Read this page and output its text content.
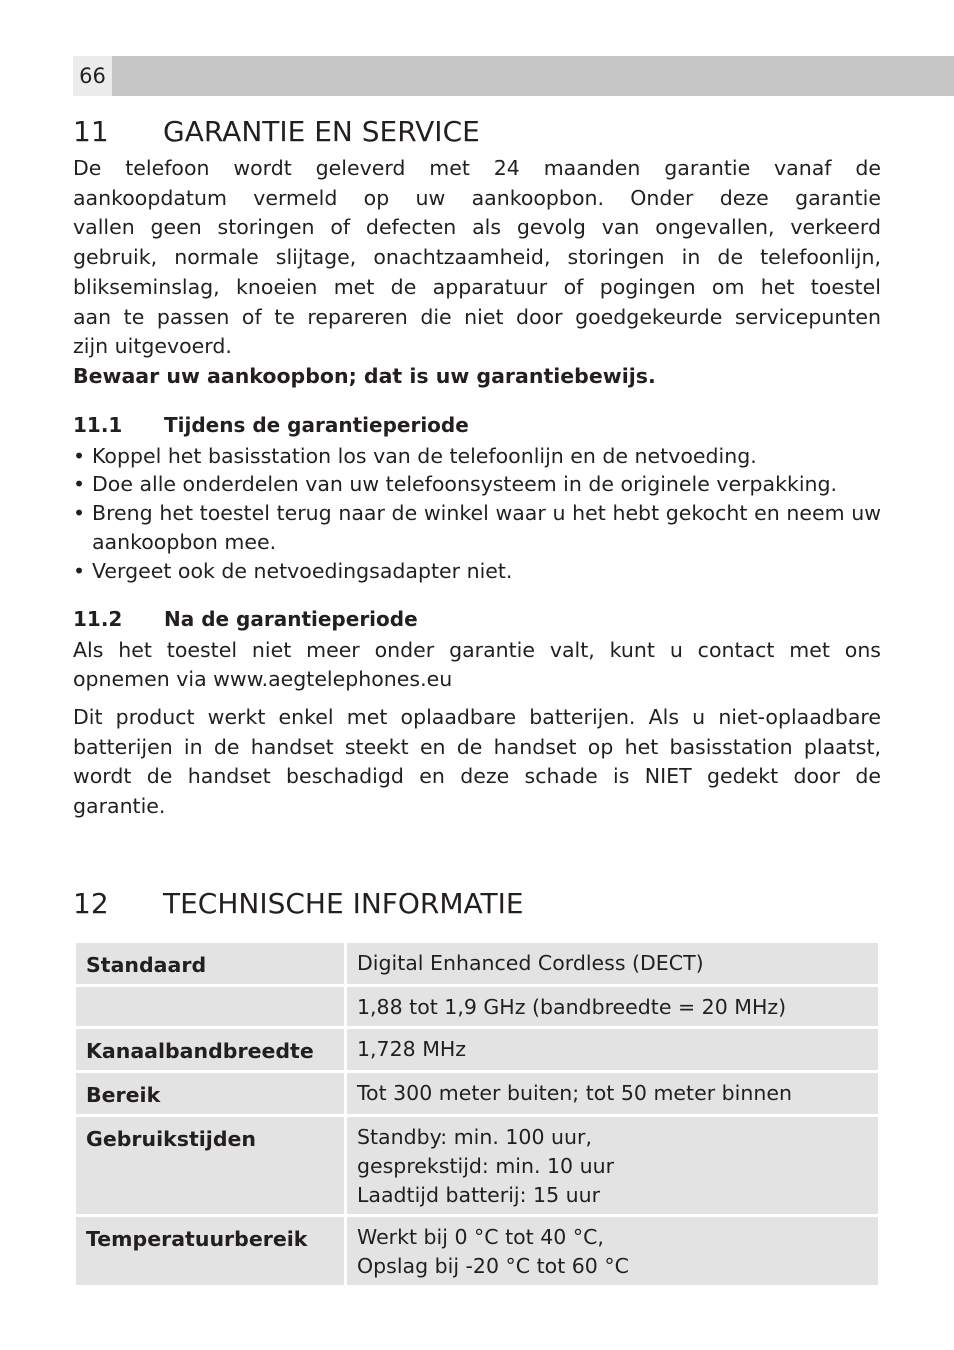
66
11	GARANTIE EN SERVICE
De telefoon wordt geleverd met 24 maanden garantie vanaf de
aankoopdatum vermeld op uw aankoopbon. Onder deze garantie
vallen geen storingen of defecten als gevolg van ongevallen, verkeerd
gebruik, normale slijtage, onachtzaamheid, storingen in de telefoonlijn,
blikseminslag, knoeien met de apparatuur of pogingen om het toestel
aan te passen of te repareren die niet door goedgekeurde servicepunten
zijn uitgevoerd.

Bewaar uw aankoopbon; dat is uw garantiebewijs.

11.1	Tijdens de garantieperiode
• Koppel het basisstation los van de telefoonlijn en de netvoeding.
• Doe alle onderdelen van uw telefoonsysteem in de originele verpakking.
• Breng het toestel terug naar de winkel waar u het hebt gekocht en neem uw aankoopbon mee.
• Vergeet ook de netvoedingsadapter niet.
11.2	Na de garantieperiode

Als het toestel niet meer onder garantie valt, kunt u contact met ons opnemen via www.aegtelephones.eu

Dit product werkt enkel met oplaadbare batterijen. Als u niet-oplaadbare batterijen in de handset steekt en de handset op het basisstation plaatst, wordt de handset beschadigd en deze schade is NIET gedekt door de garantie.

12	TECHNISCHE INFORMATIE
Standaard	Digital Enhanced Cordless (DECT)
	1,88 tot 1,9 GHz (bandbreedte = 20 MHz)
Kanaalbandbreedte	1,728 MHz
Bereik	Tot 300 meter buiten; tot 50 meter binnen
Gebruikstijden	Standby: min. 100 uur,
gesprekstijd: min. 10 uur
Laadtijd batterij: 15 uur

Temperatuurbereik	Werkt bij 0 °C tot 40 °C,
Opslag bij -20 °C tot 60 °C
